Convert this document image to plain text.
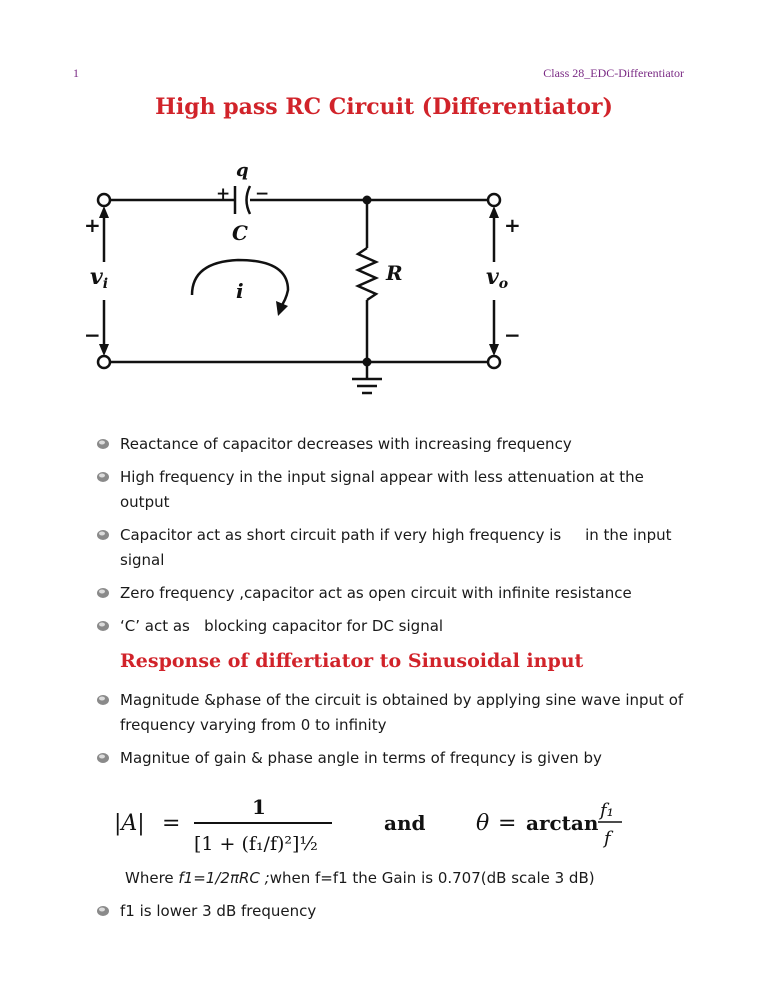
1	Class 28_EDC-Differentiator
High pass RC Circuit (Differentiator)
q
+ −
C
R
+
−
+
−
vi	vo
i
Reactance of capacitor decreases with increasing frequency
High frequency in the input signal appear with less attenuation at the output
Capacitor act as short circuit path if very high frequency is     in the input signal
Zero frequency ,capacitor act as open circuit with infinite resistance
‘C’ act as   blocking capacitor for DC signal
Response of differtiator to Sinusoidal input
Magnitude &phase of the circuit is obtained by applying sine wave input of frequency varying from 0 to infinity
Magnitue of gain & phase angle in terms of frequncy is given by
|A| =
1
[1 + (f₁/f)²]½
and θ = arctan
f₁
f
Where f1=1/2πRC ;when f=f1 the Gain is 0.707(dB scale 3 dB)
f1 is lower 3 dB frequency
